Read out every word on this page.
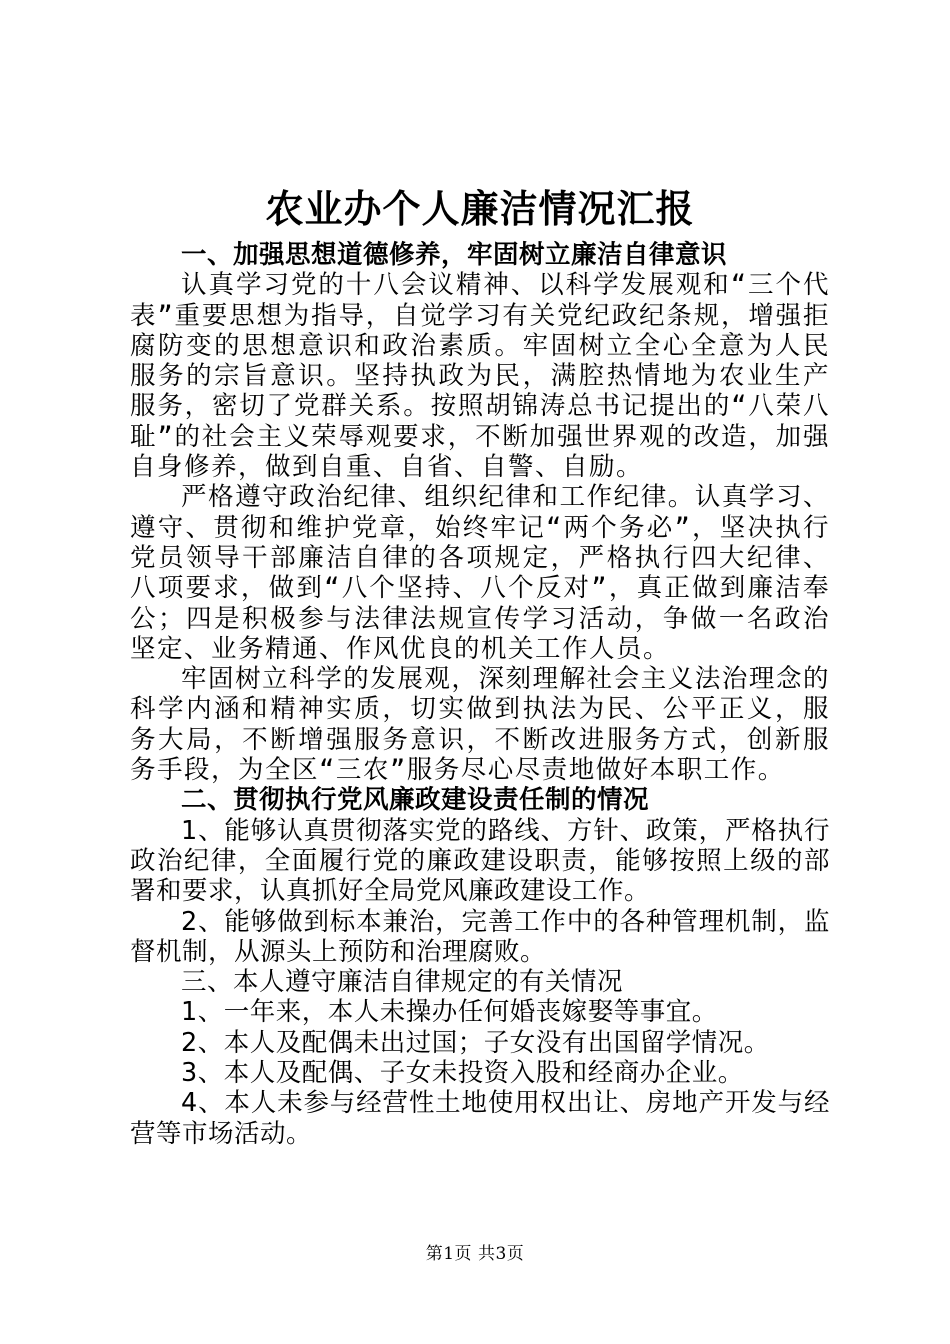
农业办个人廉洁情况汇报

一、加强思想道德修养，牢固树立廉洁自律意识

认真学习党的十八会议精神、以科学发展观和“三个代表”重要思想为指导，自觉学习有关党纪政纪条规，增强拒腐防变的思想意识和政治素质。牢固树立全心全意为人民服务的宗旨意识。坚持执政为民，满腔热情地为农业生产服务，密切了党群关系。按照胡锦涛总书记提出的“八荣八耻”的社会主义荣辱观要求，不断加强世界观的改造，加强自身修养，做到自重、自省、自警、自励。

严格遵守政治纪律、组织纪律和工作纪律。认真学习、遵守、贯彻和维护党章，始终牢记“两个务必”，坚决执行党员领导干部廉洁自律的各项规定，严格执行四大纪律、八项要求，做到“八个坚持、八个反对”，真正做到廉洁奉公；四是积极参与法律法规宣传学习活动，争做一名政治坚定、业务精通、作风优良的机关工作人员。

牢固树立科学的发展观，深刻理解社会主义法治理念的科学内涵和精神实质，切实做到执法为民、公平正义，服务大局，不断增强服务意识，不断改进服务方式，创新服务手段，为全区“三农”服务尽心尽责地做好本职工作。

二、贯彻执行党风廉政建设责任制的情况

1、能够认真贯彻落实党的路线、方针、政策，严格执行政治纪律，全面履行党的廉政建设职责，能够按照上级的部署和要求，认真抓好全局党风廉政建设工作。

2、能够做到标本兼治，完善工作中的各种管理机制，监督机制，从源头上预防和治理腐败。

三、本人遵守廉洁自律规定的有关情况

1、一年来，本人未操办任何婚丧嫁娶等事宜。

2、本人及配偶未出过国；子女没有出国留学情况。

3、本人及配偶、子女未投资入股和经商办企业。

4、本人未参与经营性土地使用权出让、房地产开发与经营等市场活动。

第1页 共3页
